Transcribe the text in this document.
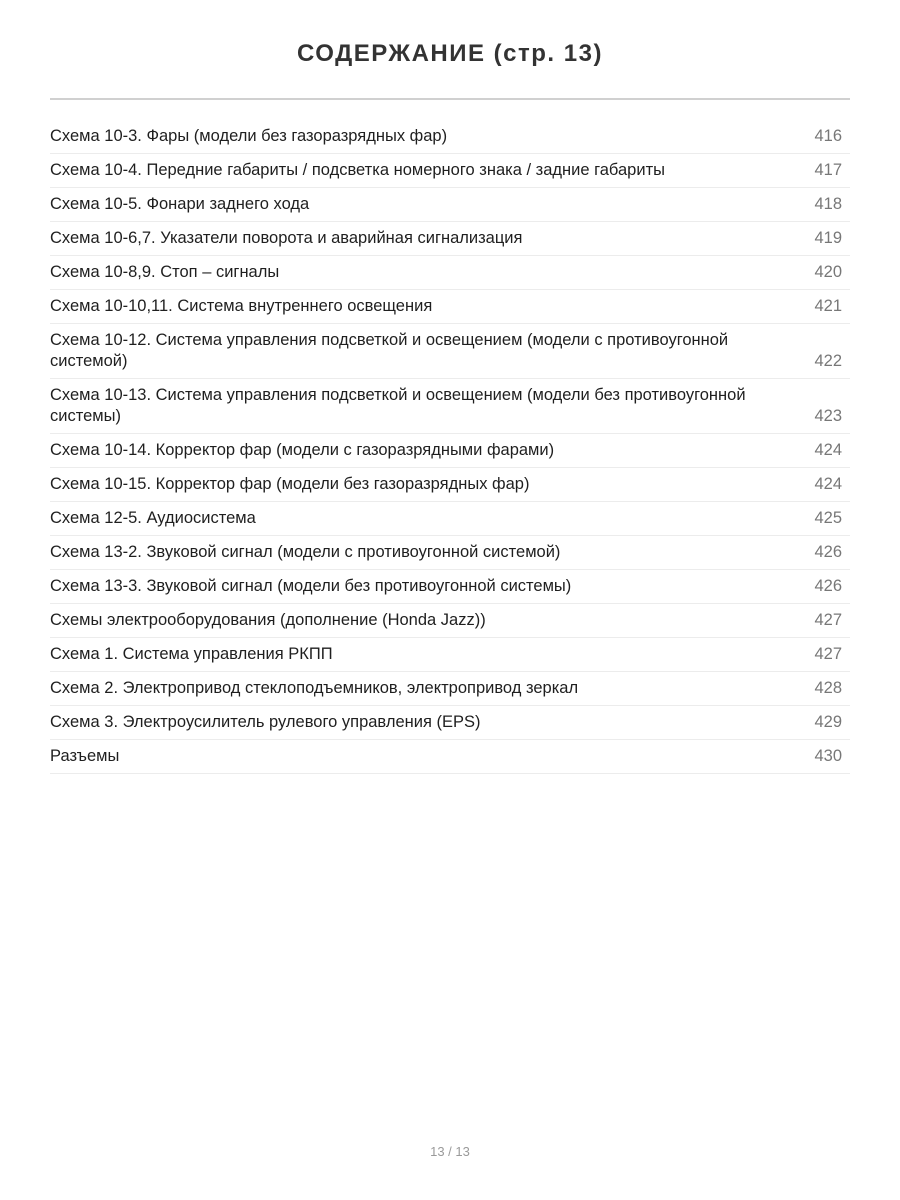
СОДЕРЖАНИЕ (стр. 13)
Схема 10-3. Фары (модели без газоразрядных фар)	416
Схема 10-4. Передние габариты / подсветка номерного знака / задние габариты	417
Схема 10-5. Фонари заднего хода	418
Схема 10-6,7. Указатели поворота и аварийная сигнализация	419
Схема 10-8,9. Стоп – сигналы	420
Схема 10-10,11. Система внутреннего освещения	421
Схема 10-12. Система управления подсветкой и освещением (модели с противоугонной системой)	422
Схема 10-13. Система управления подсветкой и освещением (модели без противоугонной системы)	423
Схема 10-14. Корректор фар (модели с газоразрядными фарами)	424
Схема 10-15. Корректор фар (модели без газоразрядных фар)	424
Схема 12-5. Аудиосистема	425
Схема 13-2. Звуковой сигнал (модели с противоугонной системой)	426
Схема 13-3. Звуковой сигнал (модели без противоугонной системы)	426
Схемы электрооборудования (дополнение (Honda Jazz))	427
Схема 1. Система управления РКПП	427
Схема 2. Электропривод стеклоподъемников, электропривод зеркал	428
Схема 3. Электроусилитель рулевого управления (EPS)	429
Разъемы	430
13 / 13
